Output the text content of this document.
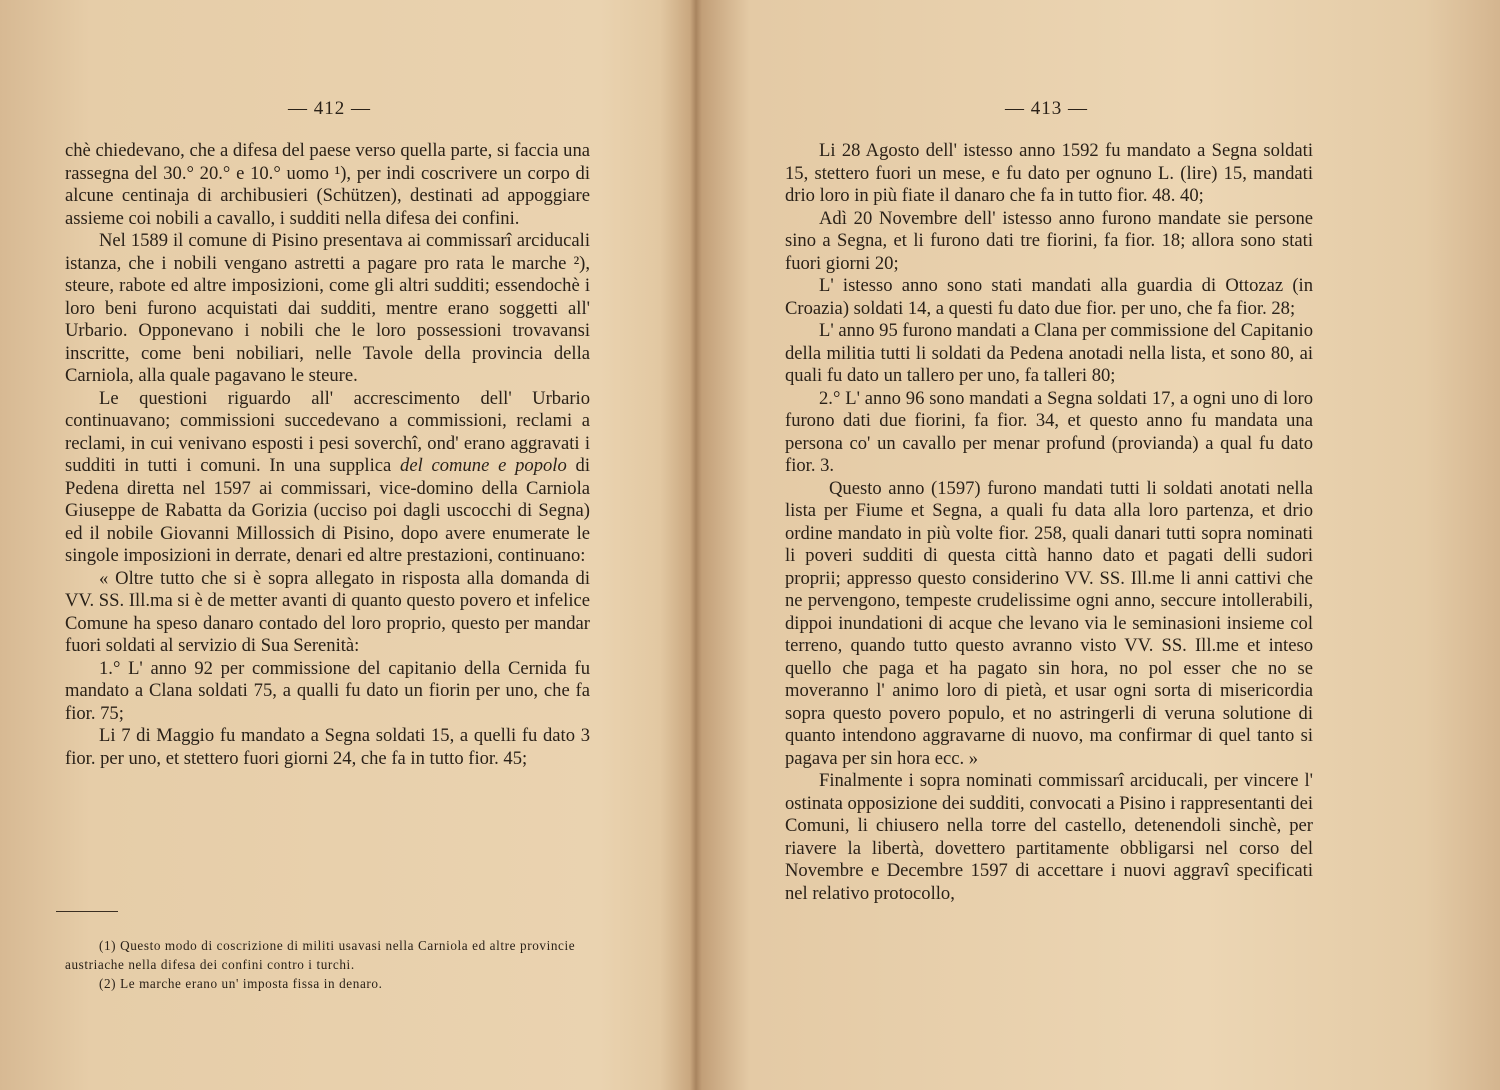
— 412 —

chè chiedevano, che a difesa del paese verso quella parte, si faccia una rassegna del 30.° 20.° e 10.° uomo ¹), per indi coscrivere un corpo di alcune centinaja di archibusieri (Schützen), destinati ad appoggiare assieme coi nobili a cavallo, i sudditi nella difesa dei confini.

Nel 1589 il comune di Pisino presentava ai commissarî arciducali istanza, che i nobili vengano astretti a pagare pro rata le marche ²), steure, rabote ed altre imposizioni, come gli altri sudditi; essendochè i loro beni furono acquistati dai sudditi, mentre erano soggetti all' Urbario. Opponevano i nobili che le loro possessioni trovavansi inscritte, come beni nobiliari, nelle Tavole della provincia della Carniola, alla quale pagavano le steure.

Le questioni riguardo all' accrescimento dell' Urbario continuavano; commissioni succedevano a commissioni, reclami a reclami, in cui venivano esposti i pesi soverchî, ond' erano aggravati i sudditi in tutti i comuni. In una supplica del comune e popolo di Pedena diretta nel 1597 ai commissari, vice-domino della Carniola Giuseppe de Rabatta da Gorizia (ucciso poi dagli uscocchi di Segna) ed il nobile Giovanni Millossich di Pisino, dopo avere enumerate le singole imposizioni in derrate, denari ed altre prestazioni, continuano:

« Oltre tutto che si è sopra allegato in risposta alla domanda di VV. SS. Ill.ma si è de metter avanti di quanto questo povero et infelice Comune ha speso danaro contado del loro proprio, questo per mandar fuori soldati al servizio di Sua Serenità:

1.° L' anno 92 per commissione del capitanio della Cernida fu mandato a Clana soldati 75, a qualli fu dato un fiorin per uno, che fa fior. 75;

Li 7 di Maggio fu mandato a Segna soldati 15, a quelli fu dato 3 fior. per uno, et stettero fuori giorni 24, che fa in tutto fior. 45;

(1) Questo modo di coscrizione di militi usavasi nella Carniola ed altre provincie austriache nella difesa dei confini contro i turchi.

(2) Le marche erano un' imposta fissa in denaro.

— 413 —

Li 28 Agosto dell' istesso anno 1592 fu mandato a Segna soldati 15, stettero fuori un mese, e fu dato per ognuno L. (lire) 15, mandati drio loro in più fiate il danaro che fa in tutto fior. 48. 40;

Adì 20 Novembre dell' istesso anno furono mandate sie persone sino a Segna, et li furono dati tre fiorini, fa fior. 18; allora sono stati fuori giorni 20;

L' istesso anno sono stati mandati alla guardia di Ottozaz (in Croazia) soldati 14, a questi fu dato due fior. per uno, che fa fior. 28;

L' anno 95 furono mandati a Clana per commissione del Capitanio della militia tutti li soldati da Pedena anotadi nella lista, et sono 80, ai quali fu dato un tallero per uno, fa talleri 80;

2.° L' anno 96 sono mandati a Segna soldati 17, a ogni uno di loro furono dati due fiorini, fa fior. 34, et questo anno fu mandata una persona co' un cavallo per menar profund (provianda) a qual fu dato fior. 3.

Questo anno (1597) furono mandati tutti li soldati anotati nella lista per Fiume et Segna, a quali fu data alla loro partenza, et drio ordine mandato in più volte fior. 258, quali danari tutti sopra nominati li poveri sudditi di questa città hanno dato et pagati delli sudori proprii; appresso questo considerino VV. SS. Ill.me li anni cattivi che ne pervengono, tempeste crudelissime ogni anno, seccure intollerabili, dippoi inundationi di acque che levano via le seminasioni insieme col terreno, quando tutto questo avranno visto VV. SS. Ill.me et inteso quello che paga et ha pagato sin hora, no pol esser che no se moveranno l' animo loro di pietà, et usar ogni sorta di misericordia sopra questo povero populo, et no astringerli di veruna solutione di quanto intendono aggravarne di nuovo, ma confirmar di quel tanto si pagava per sin hora ecc. »

Finalmente i sopra nominati commissarî arciducali, per vincere l' ostinata opposizione dei sudditi, convocati a Pisino i rappresentanti dei Comuni, li chiusero nella torre del castello, detenendoli sinchè, per riavere la libertà, dovettero partitamente obbligarsi nel corso del Novembre e Decembre 1597 di accettare i nuovi aggravî specificati nel relativo protocollo,
